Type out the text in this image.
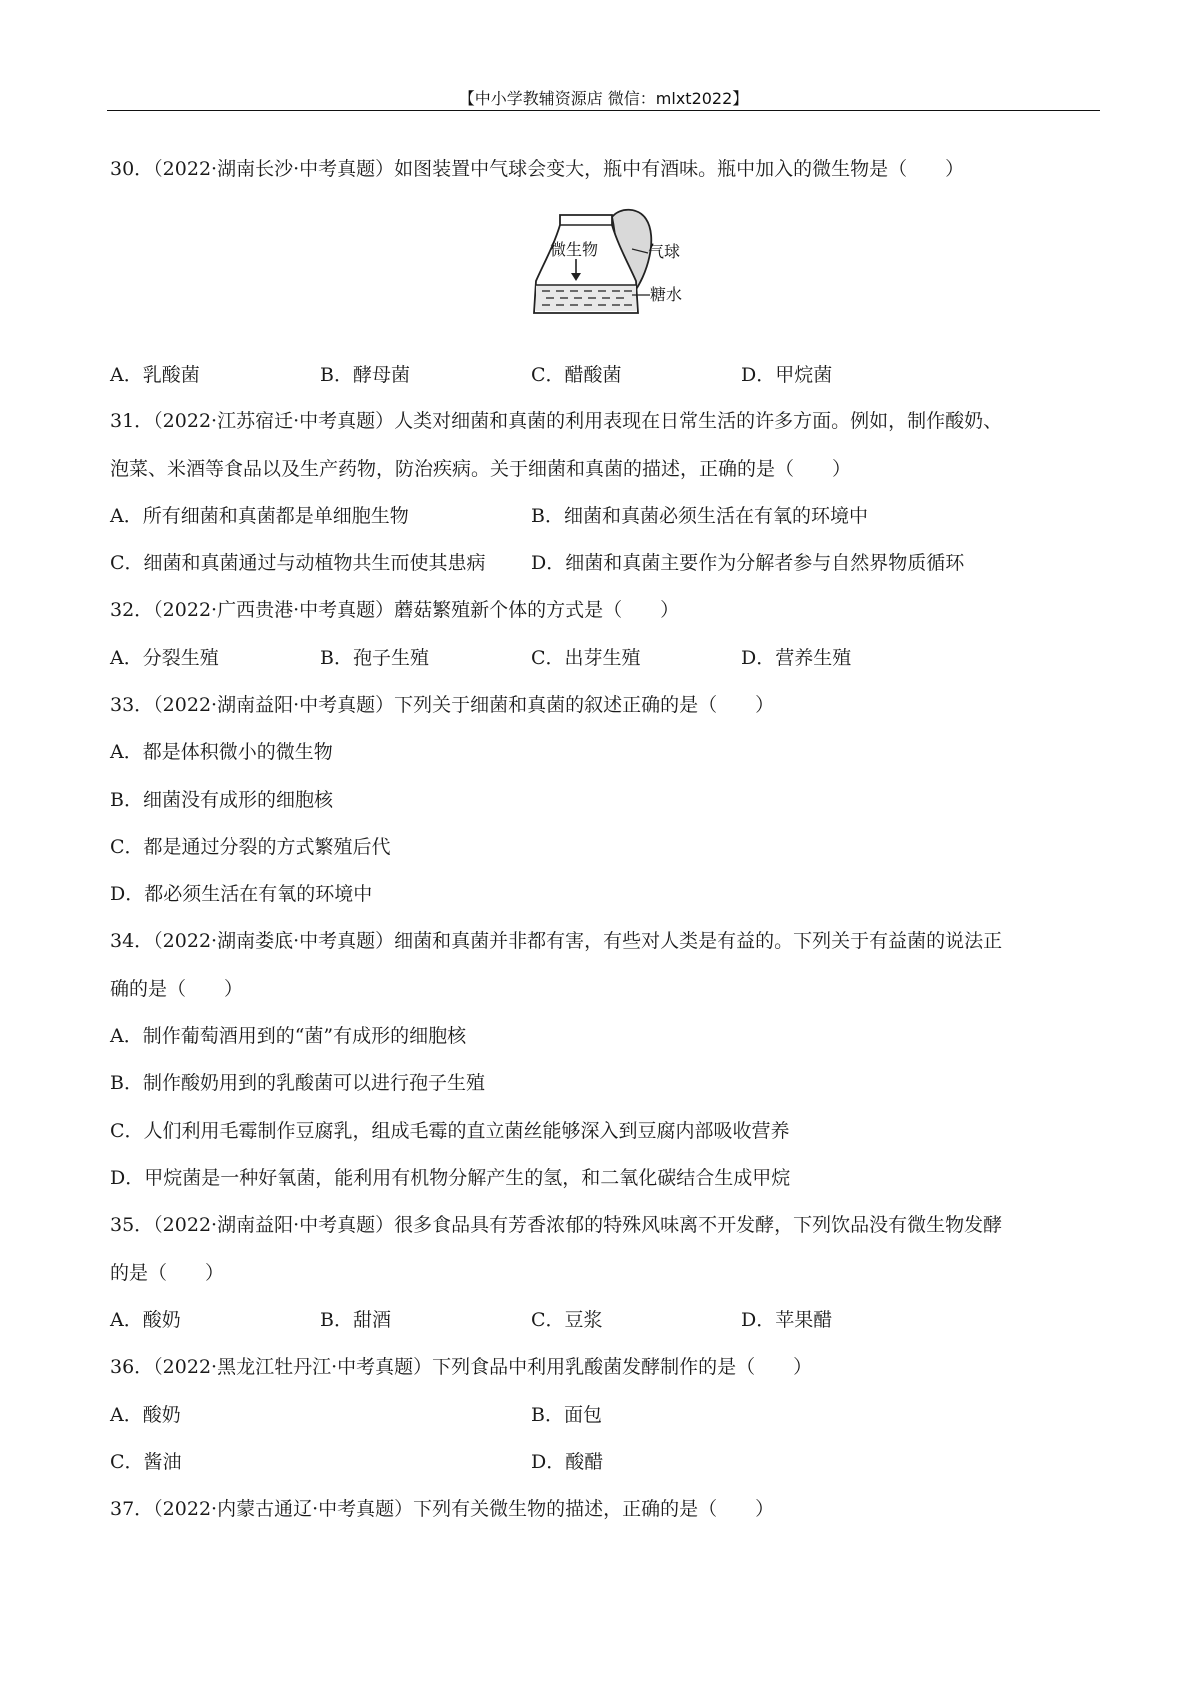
【中小学教辅资源店 微信：mlxt2022】
30．（2022·湖南长沙·中考真题）如图装置中气球会变大，瓶中有酒味。瓶中加入的微生物是（　　）
微生物	气球
糖水
A．乳酸菌	B．酵母菌	C．醋酸菌	D．甲烷菌
31．（2022·江苏宿迁·中考真题）人类对细菌和真菌的利用表现在日常生活的许多方面。例如，制作酸奶、
泡菜、米酒等食品以及生产药物，防治疾病。关于细菌和真菌的描述，正确的是（　　）
A．所有细菌和真菌都是单细胞生物	B．细菌和真菌必须生活在有氧的环境中
C．细菌和真菌通过与动植物共生而使其患病 D．细菌和真菌主要作为分解者参与自然界物质循环
32．（2022·广西贵港·中考真题）蘑菇繁殖新个体的方式是（　　）
A．分裂生殖	B．孢子生殖	C．出芽生殖	D．营养生殖
33．（2022·湖南益阳·中考真题）下列关于细菌和真菌的叙述正确的是（　　）
A．都是体积微小的微生物
B．细菌没有成形的细胞核
C．都是通过分裂的方式繁殖后代
D．都必须生活在有氧的环境中
34．（2022·湖南娄底·中考真题）细菌和真菌并非都有害，有些对人类是有益的。下列关于有益菌的说法正
确的是（　　）
A．制作葡萄酒用到的“菌”有成形的细胞核
B．制作酸奶用到的乳酸菌可以进行孢子生殖
C．人们利用毛霉制作豆腐乳，组成毛霉的直立菌丝能够深入到豆腐内部吸收营养
D．甲烷菌是一种好氧菌，能利用有机物分解产生的氢，和二氧化碳结合生成甲烷
35．（2022·湖南益阳·中考真题）很多食品具有芳香浓郁的特殊风味离不开发酵，下列饮品没有微生物发酵
的是（　　）
A．酸奶	B．甜酒	C．豆浆	D．苹果醋
36．（2022·黑龙江牡丹江·中考真题）下列食品中利用乳酸菌发酵制作的是（　　）
A．酸奶	B．面包
C．酱油	D．酸醋
37．（2022·内蒙古通辽·中考真题）下列有关微生物的描述，正确的是（　　）
